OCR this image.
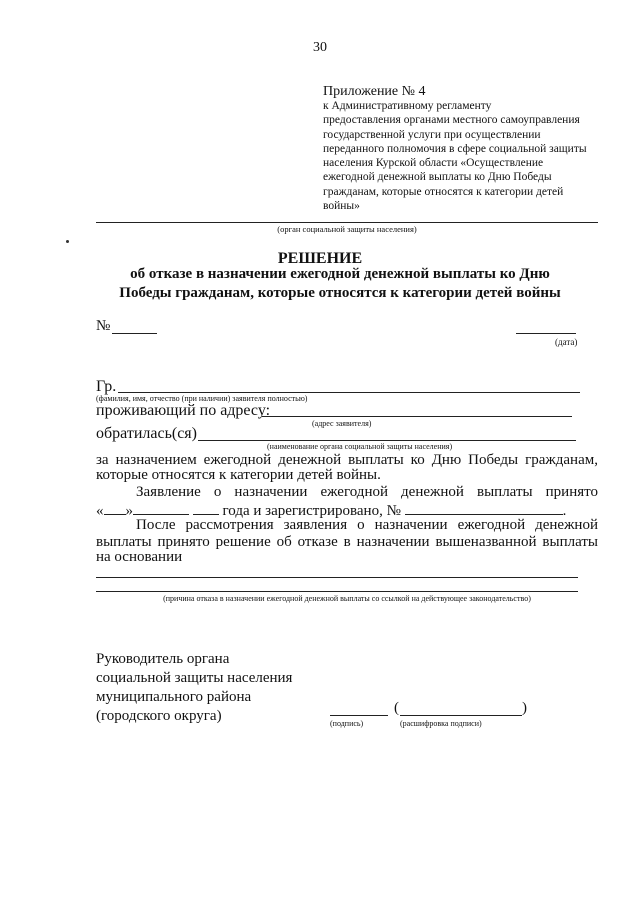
30
Приложение № 4
к Административному регламенту
предоставления органами местного самоуправления
государственной услуги при осуществлении
переданного полномочия в сфере социальной защиты
населения Курской области «Осуществление
ежегодной денежной выплаты ко Дню Победы
гражданам, которые относятся к категории детей
войны»
(орган социальной защиты населения)
РЕШЕНИЕ
об отказе в назначении ежегодной денежной выплаты ко Дню
Победы гражданам, которые относятся к категории детей войны
№
(дата)
Гр.
(фамилия, имя, отчество (при наличии) заявителя полностью)
проживающий по адресу:
(адрес заявителя)
обратилась(ся)
(наименование органа социальной защиты населения)
за назначением ежегодной денежной выплаты ко Дню Победы гражданам,
которые относятся к категории детей войны.
Заявление о назначении ежегодной денежной выплаты принято
« »	года и зарегистрировано, №	.
После рассмотрения заявления о назначении ежегодной денежной
выплаты принято решение об отказе в назначении вышеназванной выплаты
на основании
(причина отказа в назначении ежегодной денежной выплаты со ссылкой на действующее законодательство)
Руководитель органа
социальной защиты населения
муниципального района
(городского округа)	(	)
(подпись)	(расшифровка подписи)
